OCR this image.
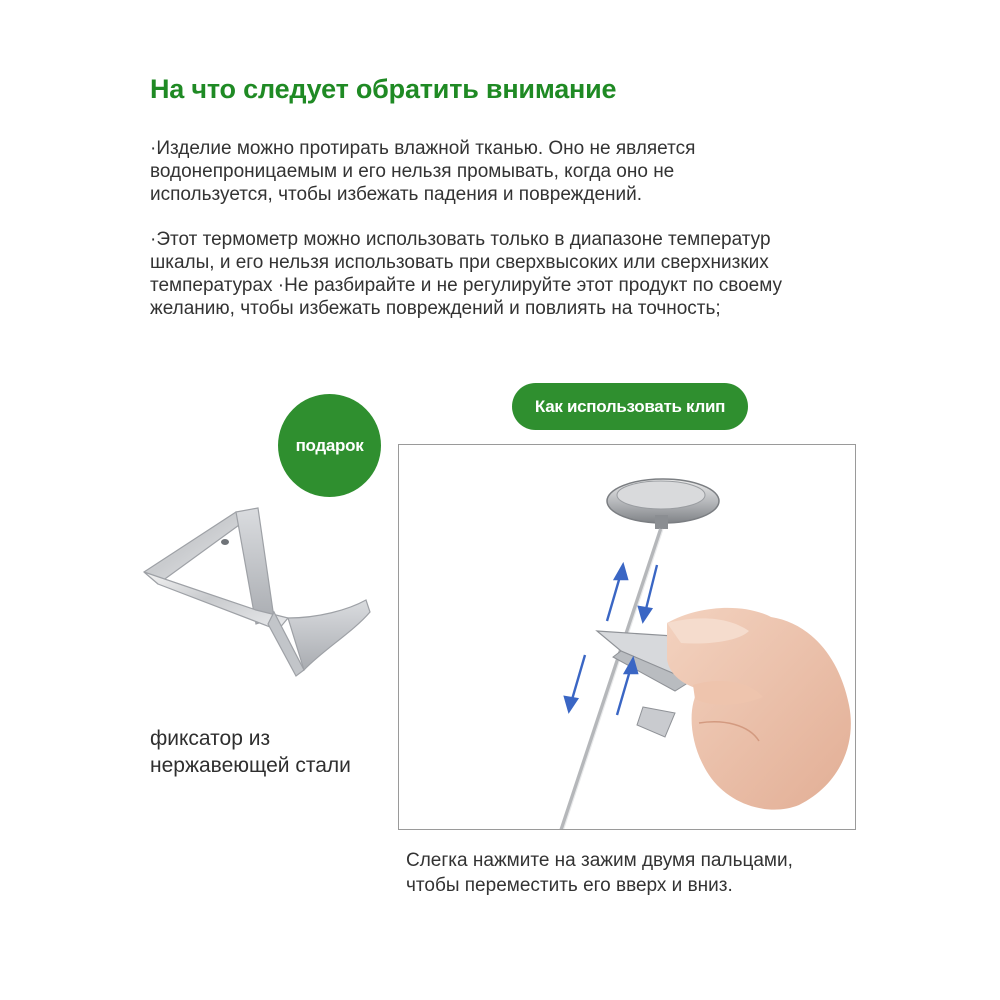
На что следует обратить внимание
·Изделие можно протирать влажной тканью. Оно не является
водонепроницаемым и его нельзя промывать, когда оно не
используется, чтобы избежать падения и повреждений.
·Этот термометр можно использовать только в диапазоне температур
шкалы, и его нельзя использовать при сверхвысоких или сверхнизких
температурах ·Не разбирайте и не регулируйте этот продукт по своему
желанию, чтобы избежать повреждений и повлиять на точность;
подарок
фиксатор из
нержавеющей стали
Как использовать клип
Слегка нажмите на зажим двумя пальцами,
чтобы переместить его вверх и вниз.
